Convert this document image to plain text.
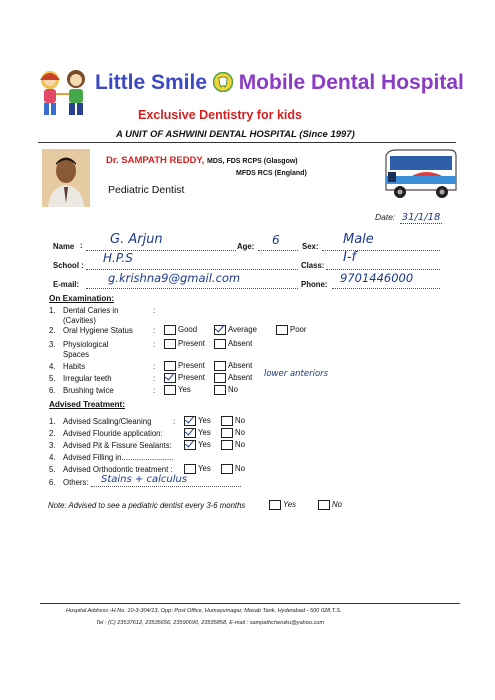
Little Smile  Mobile Dental Hospital
Exclusive Dentistry for kids
A UNIT OF ASHWINI DENTAL HOSPITAL (Since 1997)
Dr. SAMPATH REDDY, MDS, FDS RCPS (Glasgow)
MFDS RCS (England)
Pediatric Dentist
Date: 31/1/18
Name : G. Arjun	Age: 6	Sex: Male
School :
H.P.S
Class:
I-f
E-mail:	g.krishna9@gmail.com	Phone: 9701446000
On Examination:
1. Dental Caries in (Cavities)
:
2. Oral Hygiene Status	:	Good	Average	Poor
3. Physiological Spaces
:	Present	Absent
4. Habits	:	Present	Absent
5. Irregular teeth	:	Present	Absent lower anteriors
6. Brushing twice	:	Yes	No
Advised Treatment:
1. Advised Scaling/Cleaning	:	Yes	No
2. Advised Flouride application:	Yes	No
3. Advised Pit & Fissure Sealants:	Yes	No
4. Advised Filling in........................
5. Advised Orthodontic treatment :	Yes	No
6. Others: Stains + calculus
Note: Advised to see a pediatric dentist every 3-6 months	Yes	No
Hospital Address:-H.No. 10-3-304/13, Opp: Post Office, Humayumagar, Masab Tank, Hyderabad - 500 028.T.S.
Tel : (C) 23537612, 23535656, 23590690, 23535858, E-mail : sampathcheruku@yahoo.com
